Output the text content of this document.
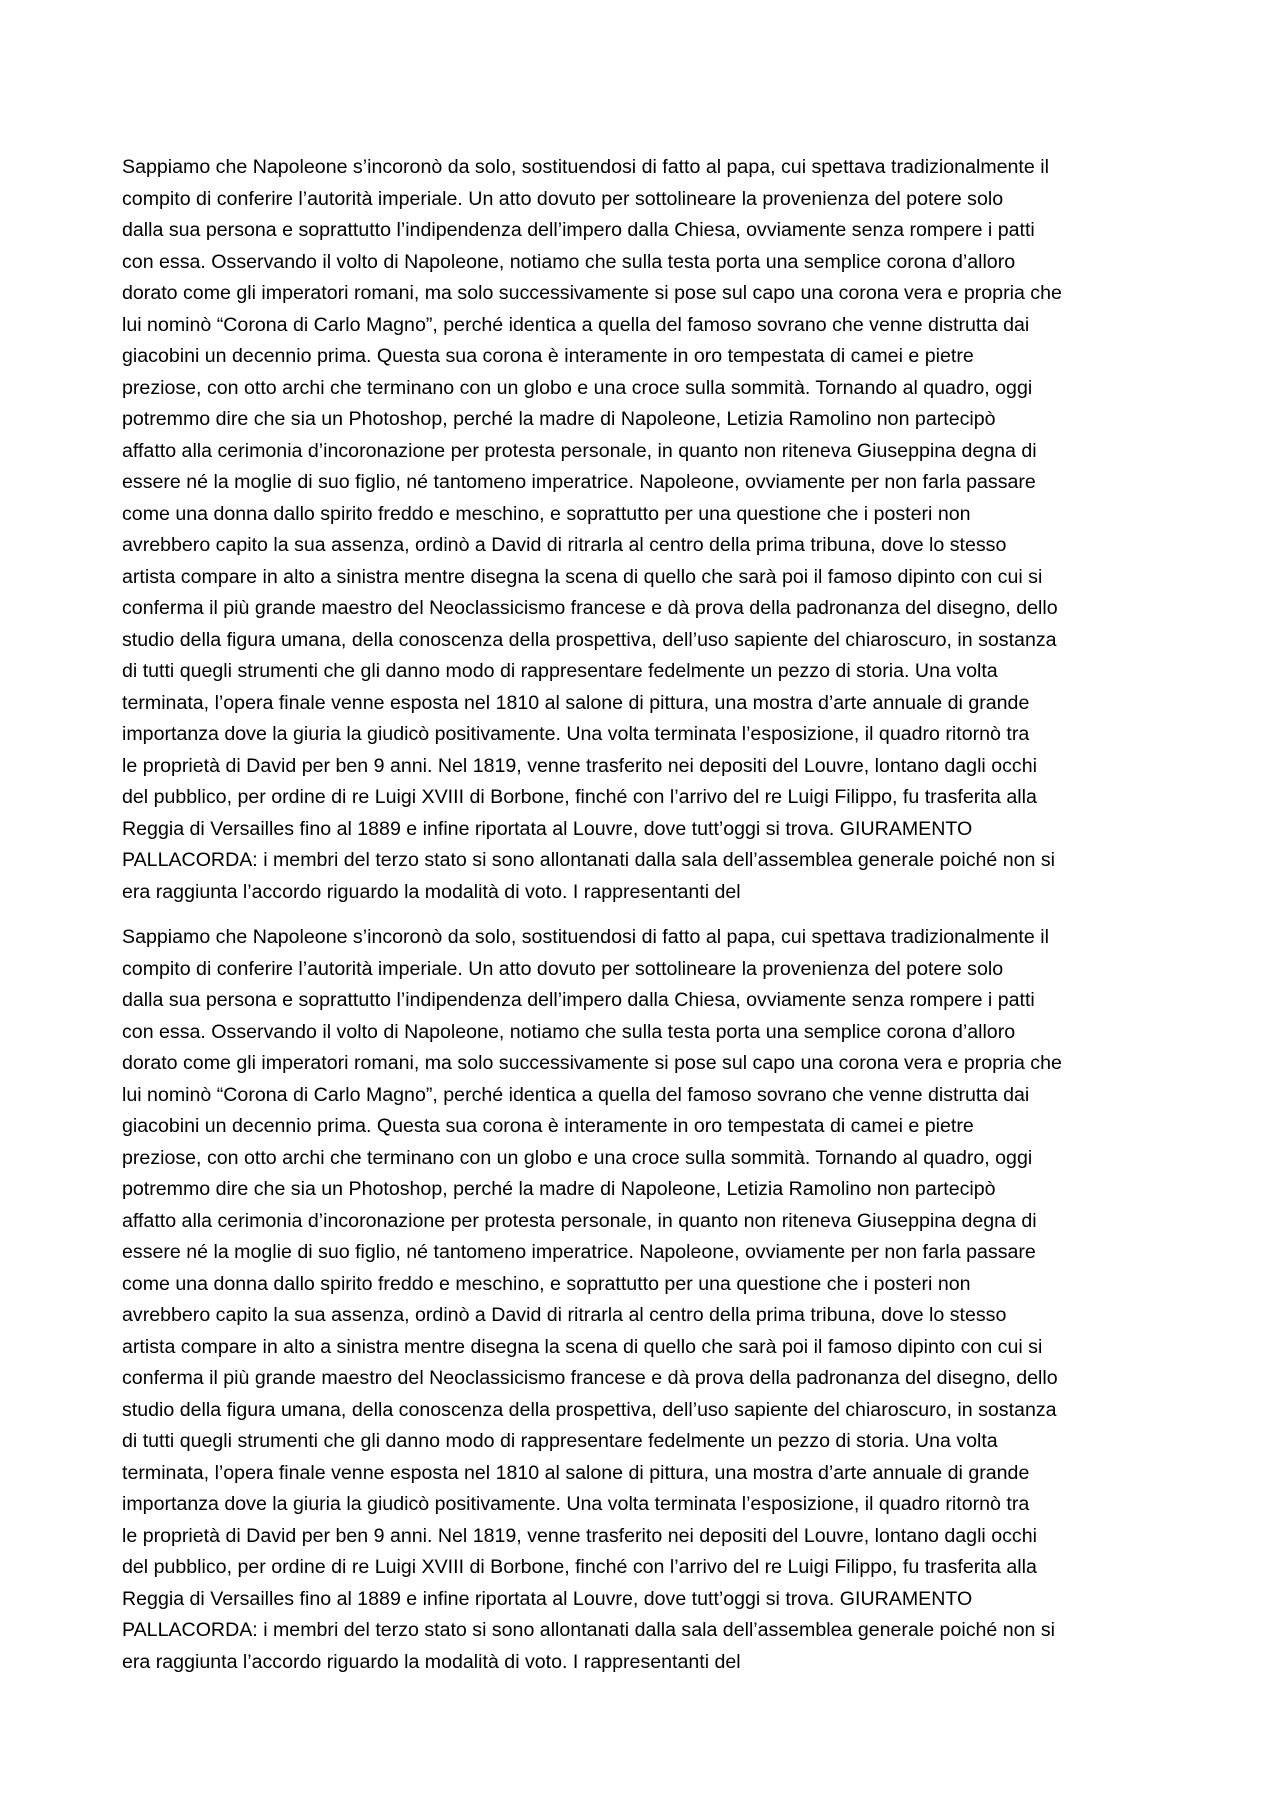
Sappiamo che Napoleone s’incoronò da solo, sostituendosi di fatto al papa, cui spettava tradizionalmente il
compito di conferire l’autorità imperiale. Un atto dovuto per sottolineare la provenienza del potere solo
dalla sua persona e soprattutto l’indipendenza dell’impero dalla Chiesa, ovviamente senza rompere i patti
con essa. Osservando il volto di Napoleone, notiamo che sulla testa porta una semplice corona d’alloro
dorato come gli imperatori romani, ma solo successivamente si pose sul capo una corona vera e propria che
lui nominò “Corona di Carlo Magno”, perché identica a quella del famoso sovrano che venne distrutta dai
giacobini un decennio prima. Questa sua corona è interamente in oro tempestata di camei e pietre
preziose, con otto archi che terminano con un globo e una croce sulla sommità. Tornando al quadro, oggi
potremmo dire che sia un Photoshop, perché la madre di Napoleone, Letizia Ramolino non partecipò
affatto alla cerimonia d’incoronazione per protesta personale, in quanto non riteneva Giuseppina degna di
essere né la moglie di suo figlio, né tantomeno imperatrice. Napoleone, ovviamente per non farla passare
come una donna dallo spirito freddo e meschino, e soprattutto per una questione che i posteri non
avrebbero capito la sua assenza, ordinò a David di ritrarla al centro della prima tribuna, dove lo stesso
artista compare in alto a sinistra mentre disegna la scena di quello che sarà poi il famoso dipinto con cui si
conferma il più grande maestro del Neoclassicismo francese e dà prova della padronanza del disegno, dello
studio della figura umana, della conoscenza della prospettiva, dell’uso sapiente del chiaroscuro, in sostanza
di tutti quegli strumenti che gli danno modo di rappresentare fedelmente un pezzo di storia. Una volta
terminata, l’opera finale venne esposta nel 1810 al salone di pittura, una mostra d’arte annuale di grande
importanza dove la giuria la giudicò positivamente. Una volta terminata l’esposizione, il quadro ritornò tra
le proprietà di David per ben 9 anni. Nel 1819, venne trasferito nei depositi del Louvre, lontano dagli occhi
del pubblico, per ordine di re Luigi XVIII di Borbone, finché con l’arrivo del re Luigi Filippo, fu trasferita alla
Reggia di Versailles fino al 1889 e infine riportata al Louvre, dove tutt’oggi si trova. GIURAMENTO
PALLACORDA: i membri del terzo stato si sono allontanati dalla sala dell’assemblea generale poiché non si
era raggiunta l’accordo riguardo la modalità di voto. I rappresentanti del
Sappiamo che Napoleone s’incoronò da solo, sostituendosi di fatto al papa, cui spettava tradizionalmente il
compito di conferire l’autorità imperiale. Un atto dovuto per sottolineare la provenienza del potere solo
dalla sua persona e soprattutto l’indipendenza dell’impero dalla Chiesa, ovviamente senza rompere i patti
con essa. Osservando il volto di Napoleone, notiamo che sulla testa porta una semplice corona d’alloro
dorato come gli imperatori romani, ma solo successivamente si pose sul capo una corona vera e propria che
lui nominò “Corona di Carlo Magno”, perché identica a quella del famoso sovrano che venne distrutta dai
giacobini un decennio prima. Questa sua corona è interamente in oro tempestata di camei e pietre
preziose, con otto archi che terminano con un globo e una croce sulla sommità. Tornando al quadro, oggi
potremmo dire che sia un Photoshop, perché la madre di Napoleone, Letizia Ramolino non partecipò
affatto alla cerimonia d’incoronazione per protesta personale, in quanto non riteneva Giuseppina degna di
essere né la moglie di suo figlio, né tantomeno imperatrice. Napoleone, ovviamente per non farla passare
come una donna dallo spirito freddo e meschino, e soprattutto per una questione che i posteri non
avrebbero capito la sua assenza, ordinò a David di ritrarla al centro della prima tribuna, dove lo stesso
artista compare in alto a sinistra mentre disegna la scena di quello che sarà poi il famoso dipinto con cui si
conferma il più grande maestro del Neoclassicismo francese e dà prova della padronanza del disegno, dello
studio della figura umana, della conoscenza della prospettiva, dell’uso sapiente del chiaroscuro, in sostanza
di tutti quegli strumenti che gli danno modo di rappresentare fedelmente un pezzo di storia. Una volta
terminata, l’opera finale venne esposta nel 1810 al salone di pittura, una mostra d’arte annuale di grande
importanza dove la giuria la giudicò positivamente. Una volta terminata l’esposizione, il quadro ritornò tra
le proprietà di David per ben 9 anni. Nel 1819, venne trasferito nei depositi del Louvre, lontano dagli occhi
del pubblico, per ordine di re Luigi XVIII di Borbone, finché con l’arrivo del re Luigi Filippo, fu trasferita alla
Reggia di Versailles fino al 1889 e infine riportata al Louvre, dove tutt’oggi si trova. GIURAMENTO
PALLACORDA: i membri del terzo stato si sono allontanati dalla sala dell’assemblea generale poiché non si
era raggiunta l’accordo riguardo la modalità di voto. I rappresentanti del
